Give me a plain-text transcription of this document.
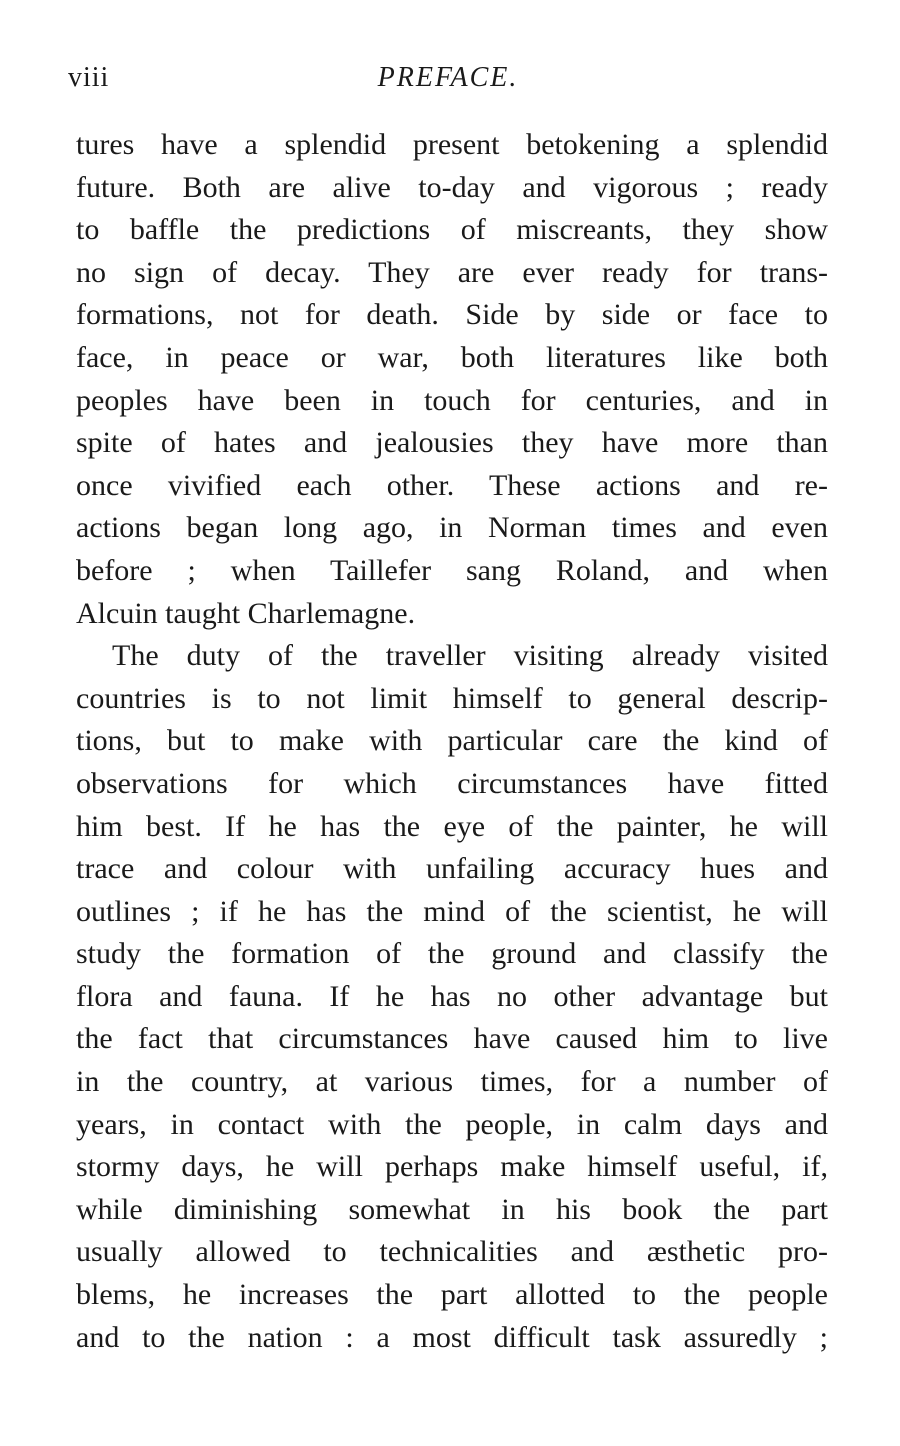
viii	PREFACE.
tures have a splendid present betokening a splendid
future. Both are alive to-day and vigorous ; ready
to baffle the predictions of miscreants, they show
no sign of decay. They are ever ready for trans-
formations, not for death. Side by side or face to
face, in peace or war, both literatures like both
peoples have been in touch for centuries, and in
spite of hates and jealousies they have more than
once vivified each other. These actions and re-
actions began long ago, in Norman times and even
before ; when Taillefer sang Roland, and when
Alcuin taught Charlemagne.
The duty of the traveller visiting already visited
countries is to not limit himself to general descrip-
tions, but to make with particular care the kind of
observations for which circumstances have fitted
him best. If he has the eye of the painter, he will
trace and colour with unfailing accuracy hues and
outlines ; if he has the mind of the scientist, he will
study the formation of the ground and classify the
flora and fauna. If he has no other advantage but
the fact that circumstances have caused him to live
in the country, at various times, for a number of
years, in contact with the people, in calm days and
stormy days, he will perhaps make himself useful, if,
while diminishing somewhat in his book the part
usually allowed to technicalities and æsthetic pro-
blems, he increases the part allotted to the people
and to the nation : a most difficult task assuredly ;
